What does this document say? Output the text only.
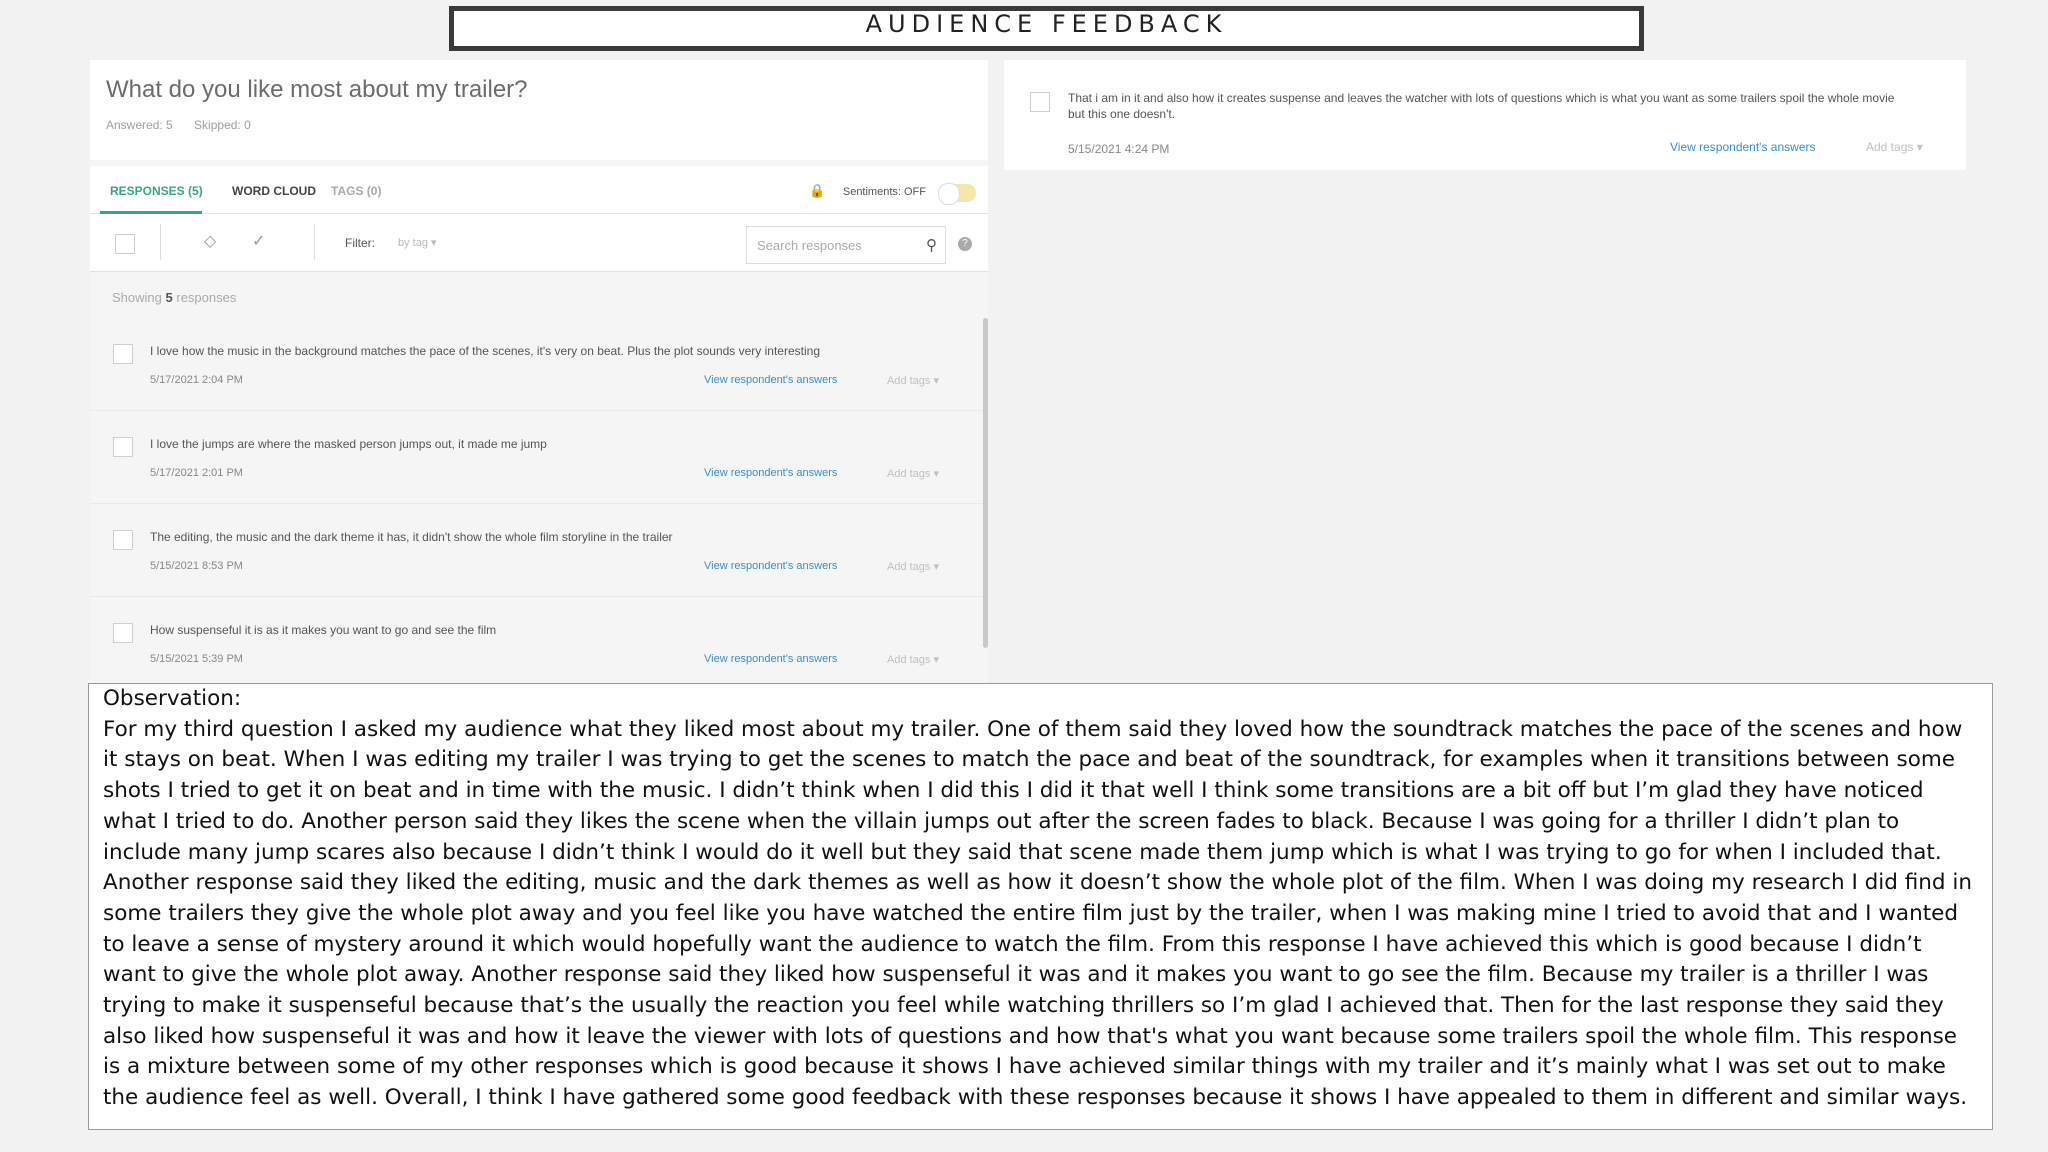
AUDIENCE FEEDBACK
What do you like most about my trailer?
Answered: 5 Skipped: 0
RESPONSES (5) WORD CLOUD TAGS (0)	🔒 Sentiments: OFF
◇ ✓	Filter: by tag ▾
Search responses	⚲	?
Showing 5 responses
I love how the music in the background matches the pace of the scenes, it's very on beat. Plus the plot sounds very interesting
5/17/2021 2:04 PM	View respondent's answers	Add tags ▾
I love the jumps are where the masked person jumps out, it made me jump
5/17/2021 2:01 PM	View respondent's answers	Add tags ▾
The editing, the music and the dark theme it has, it didn't show the whole film storyline in the trailer
5/15/2021 8:53 PM	View respondent's answers	Add tags ▾
How suspenseful it is as it makes you want to go and see the film
5/15/2021 5:39 PM	View respondent's answers	Add tags ▾
That i am in it and also how it creates suspense and leaves the watcher with lots of questions which is what you want as some trailers spoil the whole movie but this one doesn't.
5/15/2021 4:24 PM	View respondent's answers	Add tags ▾
Observation:
For my third question I asked my audience what they liked most about my trailer. One of them said they loved how the soundtrack matches the pace of the scenes and how it stays on beat. When I was editing my trailer I was trying to get the scenes to match the pace and beat of the soundtrack, for examples when it transitions between some shots I tried to get it on beat and in time with the music. I didn’t think when I did this I did it that well I think some transitions are a bit off but I’m glad they have noticed what I tried to do. Another person said they likes the scene when the villain jumps out after the screen fades to black. Because I was going for a thriller I didn’t plan to include many jump scares also because I didn’t think I would do it well but they said that scene made them jump which is what I was trying to go for when I included that. Another response said they liked the editing, music and the dark themes as well as how it doesn’t show the whole plot of the film. When I was doing my research I did find in some trailers they give the whole plot away and you feel like you have watched the entire film just by the trailer, when I was making mine I tried to avoid that and I wanted to leave a sense of mystery around it which would hopefully want the audience to watch the film. From this response I have achieved this which is good because I didn’t want to give the whole plot away. Another response said they liked how suspenseful it was and it makes you want to go see the film. Because my trailer is a thriller I was trying to make it suspenseful because that’s the usually the reaction you feel while watching thrillers so I’m glad I achieved that. Then for the last response they said they also liked how suspenseful it was and how it leave the viewer with lots of questions and how that's what you want because some trailers spoil the whole film. This response is a mixture between some of my other responses which is good because it shows I have achieved similar things with my trailer and it’s mainly what I was set out to make the audience feel as well. Overall, I think I have gathered some good feedback with these responses because it shows I have appealed to them in different and similar ways.
